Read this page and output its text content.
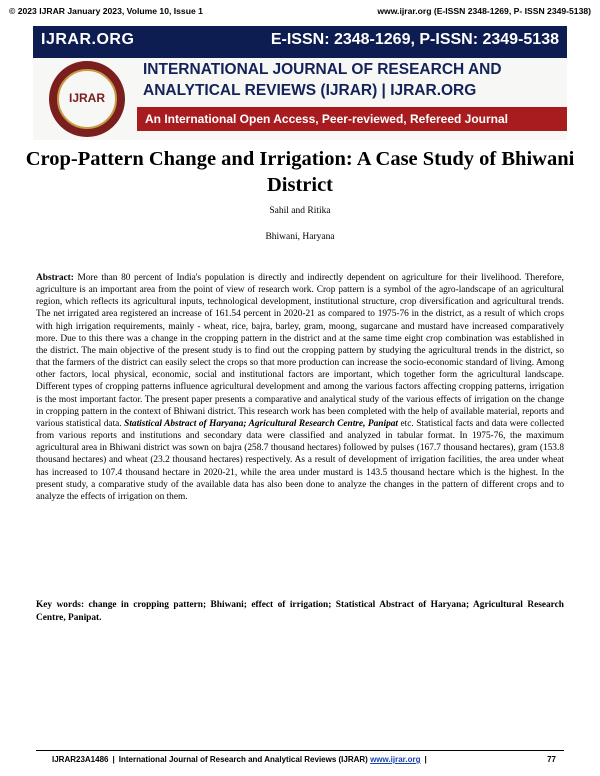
© 2023 IJRAR January 2023, Volume 10, Issue 1	www.ijrar.org (E-ISSN 2348-1269, P- ISSN 2349-5138)
IJRAR.ORG	E-ISSN: 2348-1269, P-ISSN: 2349-5138
IJRAR
INTERNATIONAL JOURNAL OF RESEARCH AND
ANALYTICAL REVIEWS (IJRAR) | IJRAR.ORG
An International Open Access, Peer-reviewed, Refereed Journal
Crop-Pattern Change and Irrigation: A Case Study of Bhiwani District
Sahil and Ritika
Bhiwani, Haryana
Abstract: More than 80 percent of India's population is directly and indirectly dependent on agriculture for their livelihood. Therefore, agriculture is an important area from the point of view of research work. Crop pattern is a symbol of the agro-landscape of an agricultural region, which reflects its agricultural inputs, technological development, institutional structure, crop diversification and agricultural trends. The net irrigated area registered an increase of 161.54 percent in 2020-21 as compared to 1975-76 in the district, as a result of which crops with high irrigation requirements, mainly - wheat, rice, bajra, barley, gram, moong, sugarcane and mustard have increased comparatively more. Due to this there was a change in the cropping pattern in the district and at the same time eight crop combination was established in the district. The main objective of the present study is to find out the cropping pattern by studying the agricultural trends in the district, so that the farmers of the district can easily select the crops so that more production can increase the socio-economic standard of living. Among other factors, local physical, economic, social and institutional factors are important, which together form the agricultural landscape. Different types of cropping patterns influence agricultural development and among the various factors affecting cropping patterns, irrigation is the most important factor. The present paper presents a comparative and analytical study of the various effects of irrigation on the change in cropping pattern in the context of Bhiwani district. This research work has been completed with the help of available material, reports and various statistical data. Statistical Abstract of Haryana; Agricultural Research Centre, Panipat etc. Statistical facts and data were collected from various reports and institutions and secondary data were classified and analyzed in tabular format. In 1975-76, the maximum agricultural area in Bhiwani district was sown on bajra (258.7 thousand hectares) followed by pulses (167.7 thousand hectares), gram (153.8 thousand hectares) and wheat (23.2 thousand hectares) respectively. As a result of development of irrigation facilities, the area under wheat has increased to 107.4 thousand hectare in 2020-21, while the area under mustard is 143.5 thousand hectare which is the highest. In the present study, a comparative study of the available data has also been done to analyze the changes in the pattern of different crops and to analyze the effects of irrigation on them.
Key words: change in cropping pattern; Bhiwani; effect of irrigation; Statistical Abstract of Haryana; Agricultural Research Centre, Panipat.
IJRAR23A1486 | International Journal of Research and Analytical Reviews (IJRAR) www.ijrar.org |	77
